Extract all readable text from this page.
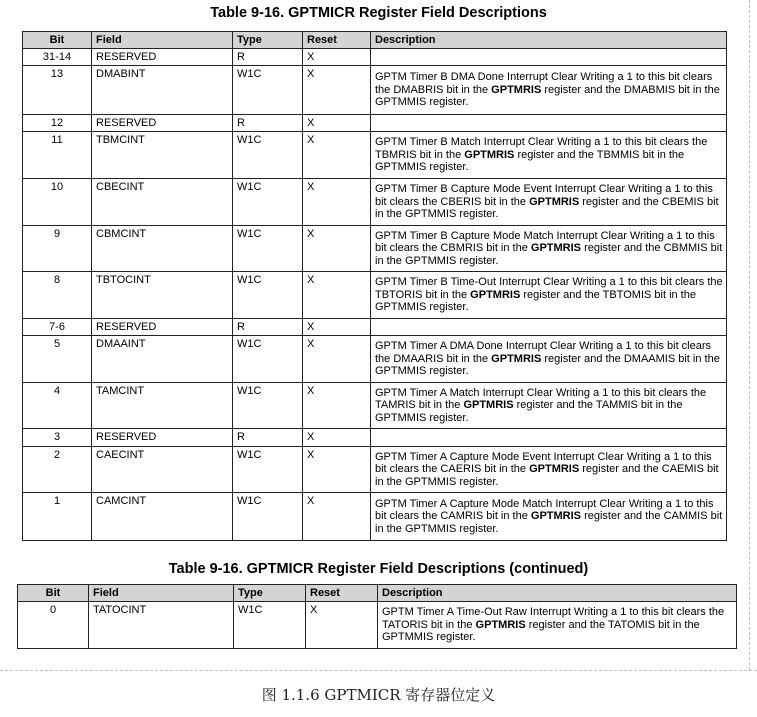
Table 9-16. GPTMICR Register Field Descriptions
Bit	Field	Type	Reset	Description
31-14	RESERVED	R	X	
13	DMABINT	W1C	X	GPTM Timer B DMA Done Interrupt Clear Writing a 1 to this bit clears the DMABRIS bit in the GPTMRIS register and the DMABMIS bit in the GPTMMIS register.
12	RESERVED	R	X	
11	TBMCINT	W1C	X	GPTM Timer B Match Interrupt Clear Writing a 1 to this bit clears the TBMRIS bit in the GPTMRIS register and the TBMMIS bit in the GPTMMIS register.
10	CBECINT	W1C	X	GPTM Timer B Capture Mode Event Interrupt Clear Writing a 1 to this bit clears the CBERIS bit in the GPTMRIS register and the CBEMIS bit in the GPTMMIS register.
9	CBMCINT	W1C	X	GPTM Timer B Capture Mode Match Interrupt Clear Writing a 1 to this bit clears the CBMRIS bit in the GPTMRIS register and the CBMMIS bit in the GPTMMIS register.
8	TBTOCINT	W1C	X	GPTM Timer B Time-Out Interrupt Clear Writing a 1 to this bit clears the TBTORIS bit in the GPTMRIS register and the TBTOMIS bit in the GPTMMIS register.
7-6	RESERVED	R	X	
5	DMAAINT	W1C	X	GPTM Timer A DMA Done Interrupt Clear Writing a 1 to this bit clears the DMAARIS bit in the GPTMRIS register and the DMAAMIS bit in the GPTMMIS register.
4	TAMCINT	W1C	X	GPTM Timer A Match Interrupt Clear Writing a 1 to this bit clears the TAMRIS bit in the GPTMRIS register and the TAMMIS bit in the GPTMMIS register.
3	RESERVED	R	X	
2	CAECINT	W1C	X	GPTM Timer A Capture Mode Event Interrupt Clear Writing a 1 to this bit clears the CAERIS bit in the GPTMRIS register and the CAEMIS bit in the GPTMMIS register.
1	CAMCINT	W1C	X	GPTM Timer A Capture Mode Match Interrupt Clear Writing a 1 to this bit clears the CAMRIS bit in the GPTMRIS register and the CAMMIS bit in the GPTMMIS register.
Table 9-16. GPTMICR Register Field Descriptions (continued)
Bit	Field	Type	Reset	Description
0	TATOCINT	W1C	X	GPTM Timer A Time-Out Raw Interrupt Writing a 1 to this bit clears the TATORIS bit in the GPTMRIS register and the TATOMIS bit in the GPTMMIS register.
图 1.1.6 GPTMICR 寄存器位定义
